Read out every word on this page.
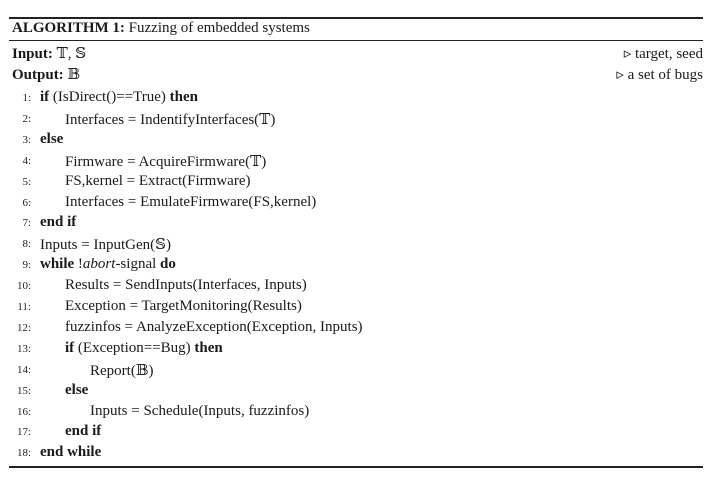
ALGORITHM 1: Fuzzing of embedded systems
Input: 𝕋, 𝕊	▹ target, seed
Output: 𝔹	▹ a set of bugs
1: if (IsDirect()==True) then
2: Interfaces = IndentifyInterfaces(𝕋)
3: else
4: Firmware = AcquireFirmware(𝕋)
5: FS,kernel = Extract(Firmware)
6: Interfaces = EmulateFirmware(FS,kernel)
7: end if
8: Inputs = InputGen(𝕊)
9: while !abort-signal do
10: Results = SendInputs(Interfaces, Inputs)
11: Exception = TargetMonitoring(Results)
12: fuzzinfos = AnalyzeException(Exception, Inputs)
13: if (Exception==Bug) then
14:	Report(𝔹)
15: else
16:	Inputs = Schedule(Inputs, fuzzinfos)
17: end if
18: end while
